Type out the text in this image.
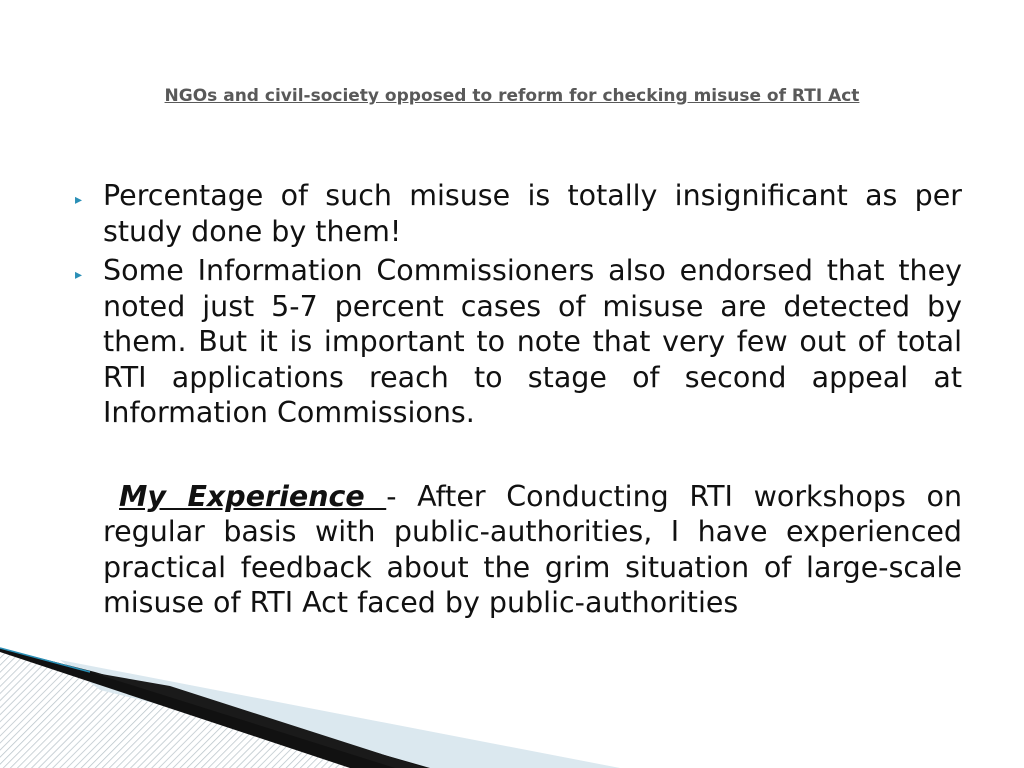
NGOs and civil-society opposed to reform for checking misuse of RTI Act
▸ Percentage of such misuse is totally insignificant as per study done by them!
▸ Some Information Commissioners also endorsed that they noted just 5-7 percent cases of misuse are detected by them. But it is important to note that very few out of total RTI applications reach to stage of second appeal at Information Commissions.
My Experience - After Conducting RTI workshops on regular basis with public-authorities, I have experienced practical feedback about the grim situation of large-scale misuse of RTI Act faced by public-authorities
